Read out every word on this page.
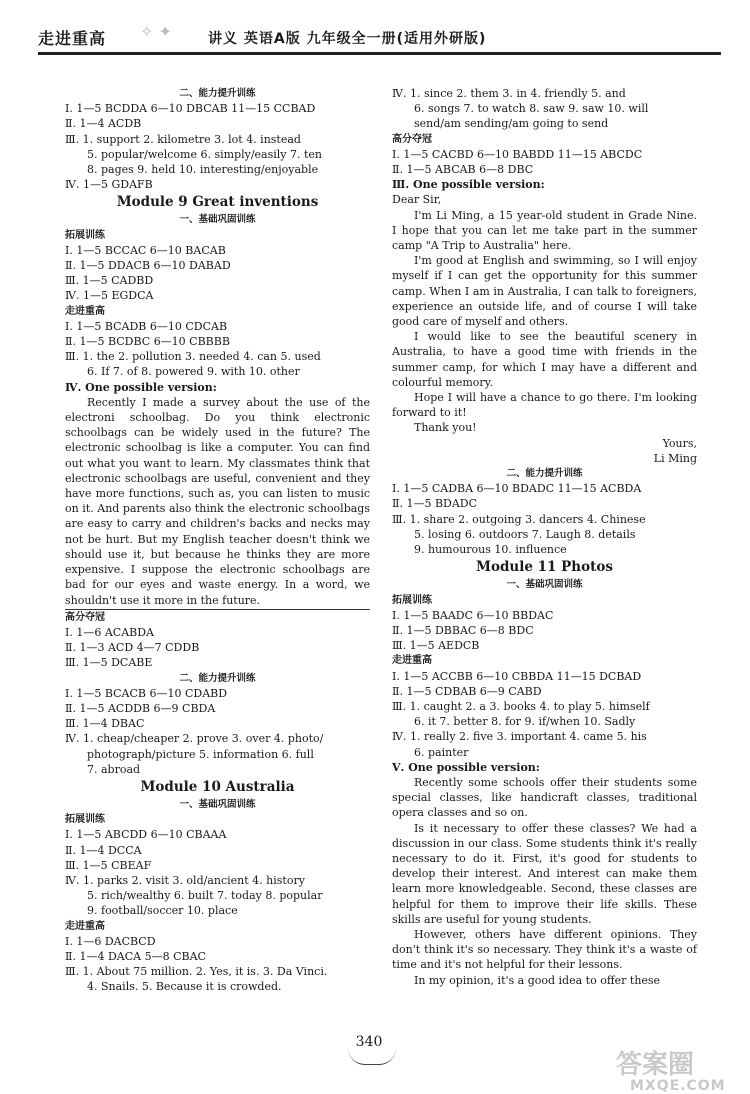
走进重高 ✧ ✦	讲义 英语A版 九年级全一册(适用外研版)
二、能力提升训练
Ⅰ. 1—5 BCDDA 6—10 DBCAB 11—15 CCBAD
Ⅱ. 1—4 ACDB
Ⅲ. 1. support 2. kilometre 3. lot 4. instead
5. popular/welcome 6. simply/easily 7. ten
8. pages 9. held 10. interesting/enjoyable
Ⅳ. 1—5 GDAFB
Module 9 Great inventions
一、基础巩固训练
拓展训练
Ⅰ. 1—5 BCCAC 6—10 BACAB
Ⅱ. 1—5 DDACB 6—10 DABAD
Ⅲ. 1—5 CADBD
Ⅳ. 1—5 EGDCA
走进重高
Ⅰ. 1—5 BCADB 6—10 CDCAB
Ⅱ. 1—5 BCDBC 6—10 CBBBB
Ⅲ. 1. the 2. pollution 3. needed 4. can 5. used
6. If 7. of 8. powered 9. with 10. other
Ⅳ. One possible version:
Recently I made a survey about the use of the electroni schoolbag. Do you think electronic schoolbags can be widely used in the future? The electronic schoolbag is like a computer. You can find out what you want to learn. My classmates think that electronic schoolbags are useful, convenient and they have more functions, such as, you can listen to music on it. And parents also think the electronic schoolbags are easy to carry and children's backs and necks may not be hurt. But my English teacher doesn't think we should use it, but because he thinks they are more expensive. I suppose the electronic schoolbags are bad for our eyes and waste energy. In a word, we shouldn't use it more in the future.
高分夺冠
Ⅰ. 1—6 ACABDA
Ⅱ. 1—3 ACD 4—7 CDDB
Ⅲ. 1—5 DCABE
二、能力提升训练
Ⅰ. 1—5 BCACB 6—10 CDABD
Ⅱ. 1—5 ACDDB 6—9 CBDA
Ⅲ. 1—4 DBAC
Ⅳ. 1. cheap/cheaper 2. prove 3. over 4. photo/
photograph/picture 5. information 6. full
7. abroad
Module 10 Australia
一、基础巩固训练
拓展训练
Ⅰ. 1—5 ABCDD 6—10 CBAAA
Ⅱ. 1—4 DCCA
Ⅲ. 1—5 CBEAF
Ⅳ. 1. parks 2. visit 3. old/ancient 4. history
5. rich/wealthy 6. built 7. today 8. popular
9. football/soccer 10. place
走进重高
Ⅰ. 1—6 DACBCD
Ⅱ. 1—4 DACA 5—8 CBAC
Ⅲ. 1. About 75 million. 2. Yes, it is. 3. Da Vinci.
4. Snails. 5. Because it is crowded.
Ⅳ. 1. since 2. them 3. in 4. friendly 5. and
6. songs 7. to watch 8. saw 9. saw 10. will
send/am sending/am going to send
高分夺冠
Ⅰ. 1—5 CACBD 6—10 BABDD 11—15 ABCDC
Ⅱ. 1—5 ABCAB 6—8 DBC
Ⅲ. One possible version:
Dear Sir,
I'm Li Ming, a 15 year-old student in Grade Nine. I hope that you can let me take part in the summer camp "A Trip to Australia" here.
I'm good at English and swimming, so I will enjoy myself if I can get the opportunity for this summer camp. When I am in Australia, I can talk to foreigners, experience an outside life, and of course I will take good care of myself and others.
I would like to see the beautiful scenery in Australia, to have a good time with friends in the summer camp, for which I may have a different and colourful memory.
Hope I will have a chance to go there. I'm looking forward to it!
Thank you!
Yours,
Li Ming
二、能力提升训练
Ⅰ. 1—5 CADBA 6—10 BDADC 11—15 ACBDA
Ⅱ. 1—5 BDADC
Ⅲ. 1. share 2. outgoing 3. dancers 4. Chinese
5. losing 6. outdoors 7. Laugh 8. details
9. humourous 10. influence
Module 11 Photos
一、基础巩固训练
拓展训练
Ⅰ. 1—5 BAADC 6—10 BBDAC
Ⅱ. 1—5 DBBAC 6—8 BDC
Ⅲ. 1—5 AEDCB
走进重高
Ⅰ. 1—5 ACCBB 6—10 CBBDA 11—15 DCBAD
Ⅱ. 1—5 CDBAB 6—9 CABD
Ⅲ. 1. caught 2. a 3. books 4. to play 5. himself
6. it 7. better 8. for 9. if/when 10. Sadly
Ⅳ. 1. really 2. five 3. important 4. came 5. his
6. painter
Ⅴ. One possible version:
Recently some schools offer their students some special classes, like handicraft classes, traditional opera classes and so on.
Is it necessary to offer these classes? We had a discussion in our class. Some students think it's really necessary to do it. First, it's good for students to develop their interest. And interest can make them learn more knowledgeable. Second, these classes are helpful for them to improve their life skills. These skills are useful for young students.
However, others have different opinions. They don't think it's so necessary. They think it's a waste of time and it's not helpful for their lessons.
In my opinion, it's a good idea to offer these
340
答案圈
MXQE.COM
